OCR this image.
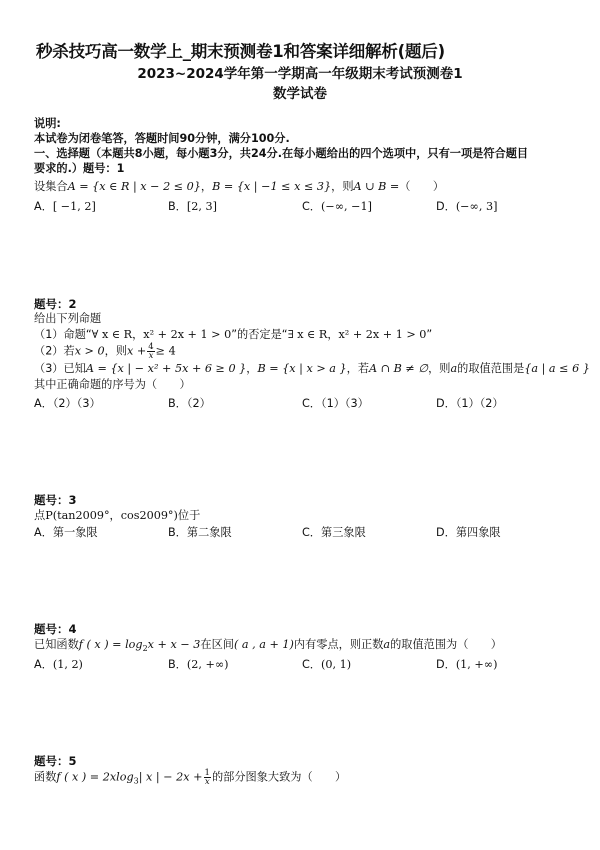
秒杀技巧高一数学上_期末预测卷1和答案详细解析(题后)
2023~2024学年第一学期高一年级期末考试预测卷1
数学试卷
说明:
本试卷为闭卷笔答，答题时间90分钟，满分100分.
一、选择题（本题共8小题，每小题3分，共24分.在每小题给出的四个选项中，只有一项是符合题目
要求的.）题号：1
设集合A = {x ∈ R | x − 2 ≤ 0}，B = {x | −1 ≤ x ≤ 3}，则A ∪ B =（　　）
A．[ −1, 2]	B．[2, 3]	C．(−∞, −1]	D．(−∞, 3]
题号：2
给出下列命题
（1）命题“∀ x ∈ R，x² + 2x + 1 > 0”的否定是“∃ x ∈ R，x² + 2x + 1 > 0”
（2）若x > 0，则$x + \frac{4}{x} \ge 4$
（3）已知A = {x | − x² + 5x + 6 ≥ 0 }，B = {x | x > a }，若A ∩ B ≠ ∅，则a的取值范围是{a | a ≤ 6 }
其中正确命题的序号为（　　）
A．（2）（3）	B．（2）	C．（1）（3）	D．（1）（2）
题号：3
点P(tan2009°，cos2009°)位于
A．第一象限	B．第二象限	C．第三象限	D．第四象限
题号：4
已知函数f ( x ) = $\log_2x + x - 3$在区间( a , a + 1)内有零点，则正数a的取值范围为（　　）
A．(1, 2)	B．(2, +∞)	C．(0, 1)	D．(1, +∞)
题号：5
函数f ( x ) = 2xlog$_3$| x | − $2x + \frac{1}{x}$ 的部分图象大致为（　　）
